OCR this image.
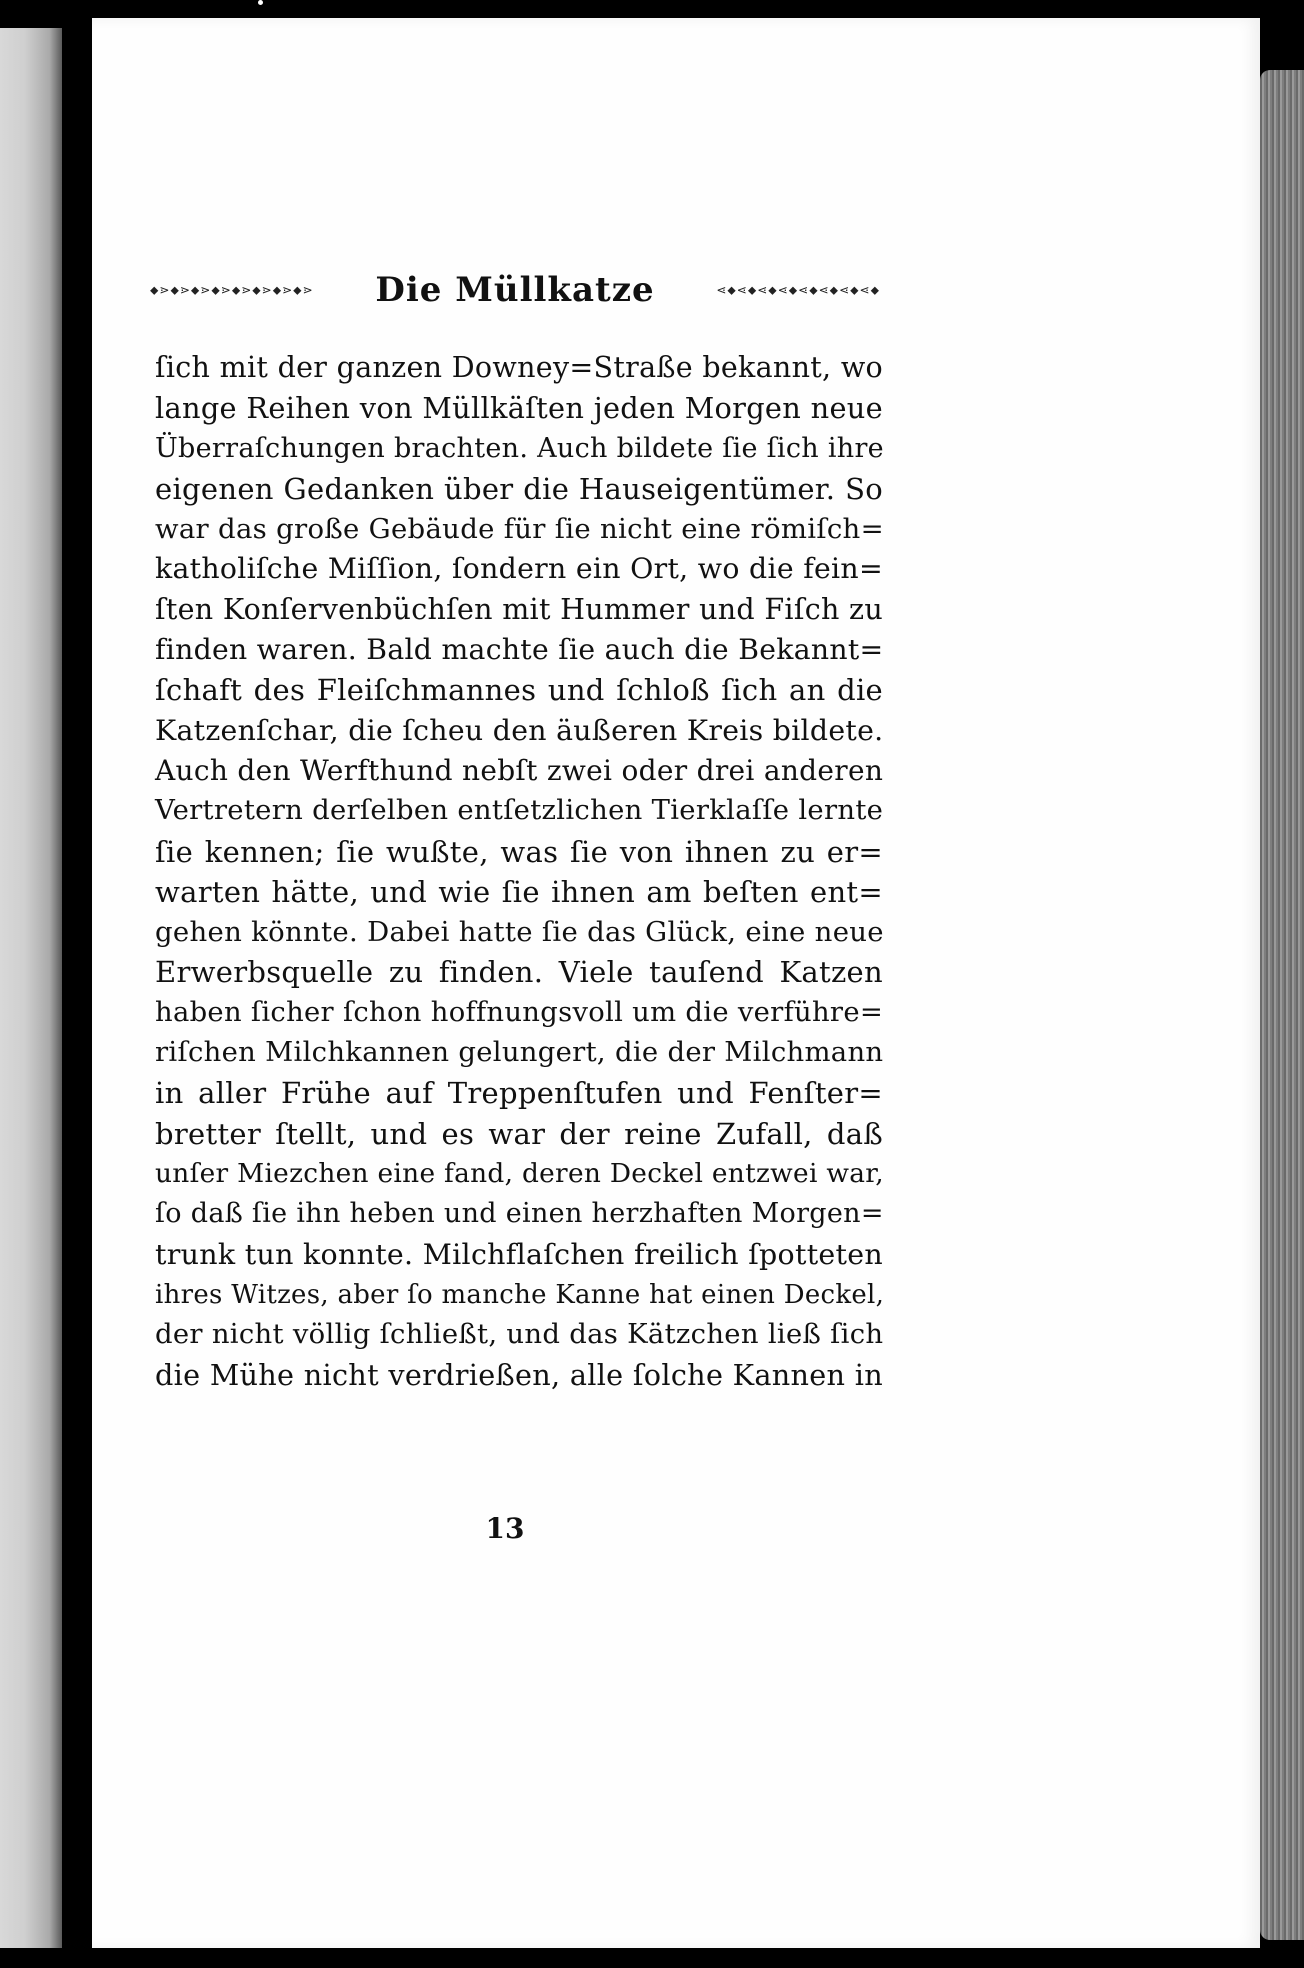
⬥⋗⬥⋗⬥⋗⬥⋗⬥⋗⬥⋗⬥⋗⬥⋗	Die Müllkatze	⋖⬥⋖⬥⋖⬥⋖⬥⋖⬥⋖⬥⋖⬥⋖⬥
ſich mit der ganzen Downey=Straße bekannt, wo
lange Reihen von Müllkäſten jeden Morgen neue
Überraſchungen brachten. Auch bildete ſie ſich ihre
eigenen Gedanken über die Hauseigentümer. So
war das große Gebäude für ſie nicht eine römiſch=
katholiſche Miſſion, ſondern ein Ort, wo die fein=
ſten Konſervenbüchſen mit Hummer und Fiſch zu
finden waren. Bald machte ſie auch die Bekannt=
ſchaft des Fleiſchmannes und ſchloß ſich an die
Katzenſchar, die ſcheu den äußeren Kreis bildete.
Auch den Werfthund nebſt zwei oder drei anderen
Vertretern derſelben entſetzlichen Tierklaſſe lernte
ſie kennen; ſie wußte, was ſie von ihnen zu er=
warten hätte, und wie ſie ihnen am beſten ent=
gehen könnte. Dabei hatte ſie das Glück, eine neue
Erwerbsquelle zu finden. Viele tauſend Katzen
haben ſicher ſchon hoffnungsvoll um die verführe=
riſchen Milchkannen gelungert, die der Milchmann
in aller Frühe auf Treppenſtufen und Fenſter=
bretter ſtellt, und es war der reine Zufall, daß
unſer Miezchen eine fand, deren Deckel entzwei war,
ſo daß ſie ihn heben und einen herzhaften Morgen=
trunk tun konnte. Milchflaſchen freilich ſpotteten
ihres Witzes, aber ſo manche Kanne hat einen Deckel,
der nicht völlig ſchließt, und das Kätzchen ließ ſich
die Mühe nicht verdrießen, alle ſolche Kannen in
13
